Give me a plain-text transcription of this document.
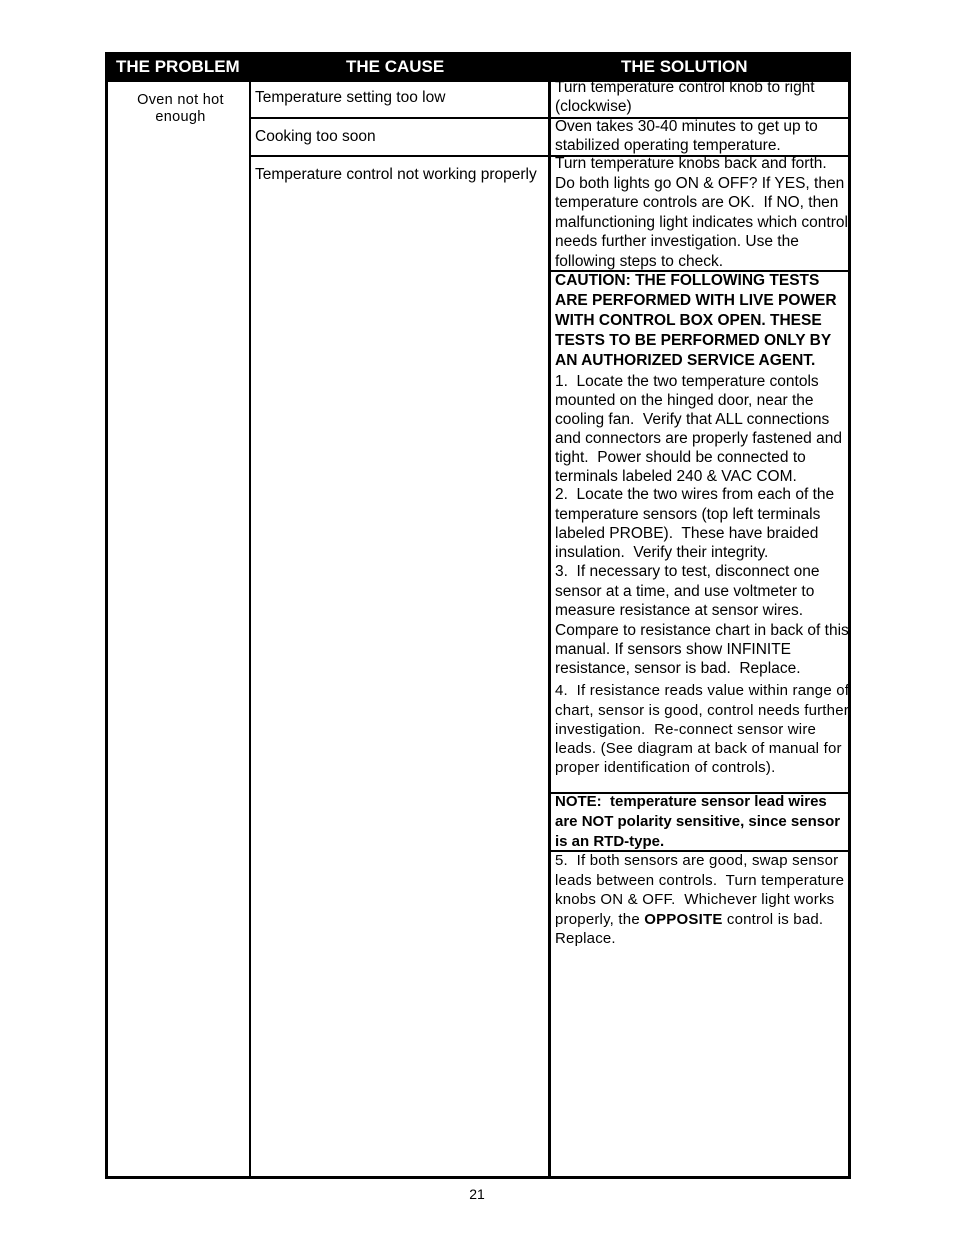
THE PROBLEM	THE CAUSE	THE SOLUTION
Oven not hot
enough
Temperature setting too low
Cooking too soon
Temperature control not working properly
Turn temperature control knob to right
(clockwise)
Oven takes 30-40 minutes to get up to
stabilized operating temperature.
Turn temperature knobs back and forth.
Do both lights go ON & OFF? If YES, then
temperature controls are OK.  If NO, then
malfunctioning light indicates which control
needs further investigation. Use the
following steps to check.
CAUTION: THE FOLLOWING TESTS
ARE PERFORMED WITH LIVE POWER
WITH CONTROL BOX OPEN. THESE
TESTS TO BE PERFORMED ONLY BY
AN AUTHORIZED SERVICE AGENT.
1.  Locate the two temperature contols
mounted on the hinged door, near the
cooling fan.  Verify that ALL connections
and connectors are properly fastened and
tight.  Power should be connected to
terminals labeled 240 & VAC COM.
2.  Locate the two wires from each of the
temperature sensors (top left terminals
labeled PROBE).  These have braided
insulation.  Verify their integrity.
3.  If necessary to test, disconnect one
sensor at a time, and use voltmeter to
measure resistance at sensor wires.
Compare to resistance chart in back of this
manual. If sensors show INFINITE
resistance, sensor is bad.  Replace.
4.  If resistance reads value within range of
chart, sensor is good, control needs further
investigation.  Re-connect sensor wire
leads. (See diagram at back of manual for
proper identification of controls).
NOTE:  temperature sensor lead wires
are NOT polarity sensitive, since sensor
is an RTD-type.
5.  If both sensors are good, swap sensor
leads between controls.  Turn temperature
knobs ON & OFF.  Whichever light works
properly, the OPPOSITE control is bad.
Replace.
21
